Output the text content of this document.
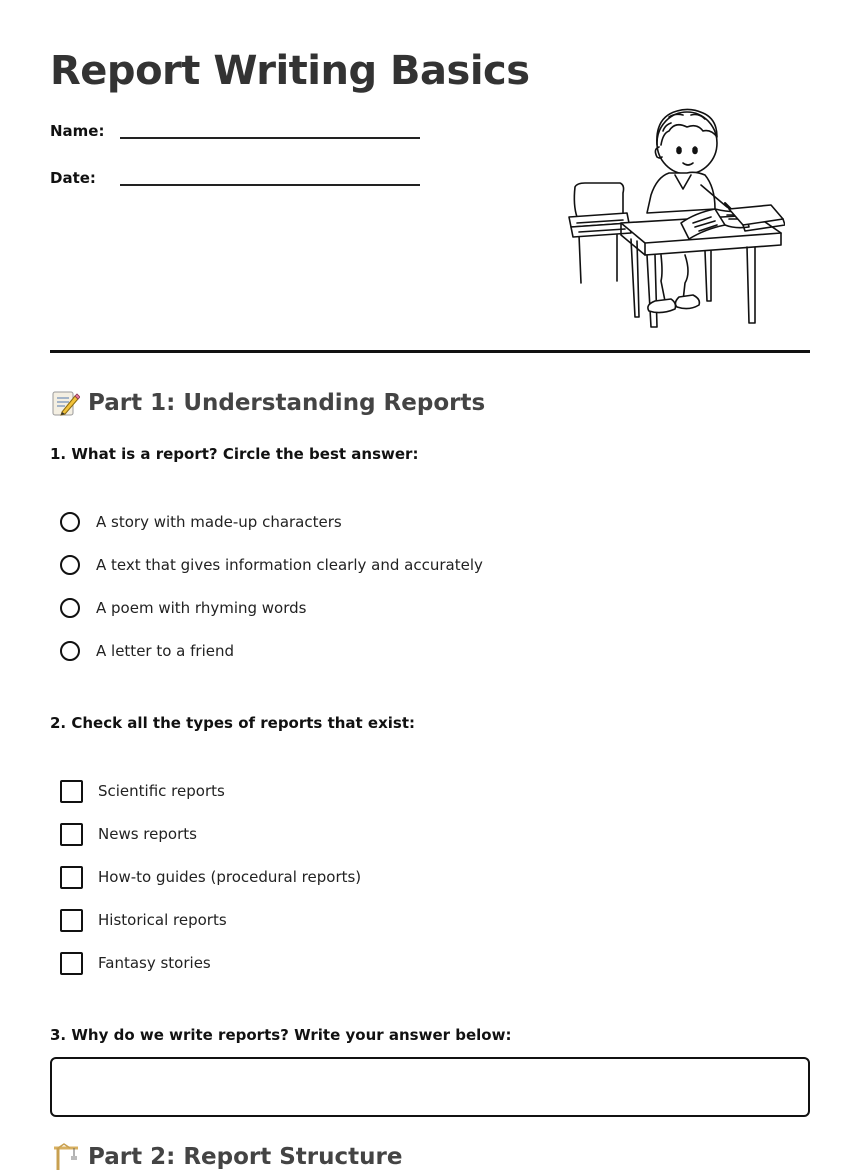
Report Writing Basics
Name:
Date:
Part 1: Understanding Reports
1. What is a report? Circle the best answer:
A story with made-up characters
A text that gives information clearly and accurately
A poem with rhyming words
A letter to a friend
2. Check all the types of reports that exist:
Scientific reports
News reports
How-to guides (procedural reports)
Historical reports
Fantasy stories
3. Why do we write reports? Write your answer below:
Part 2: Report Structure
